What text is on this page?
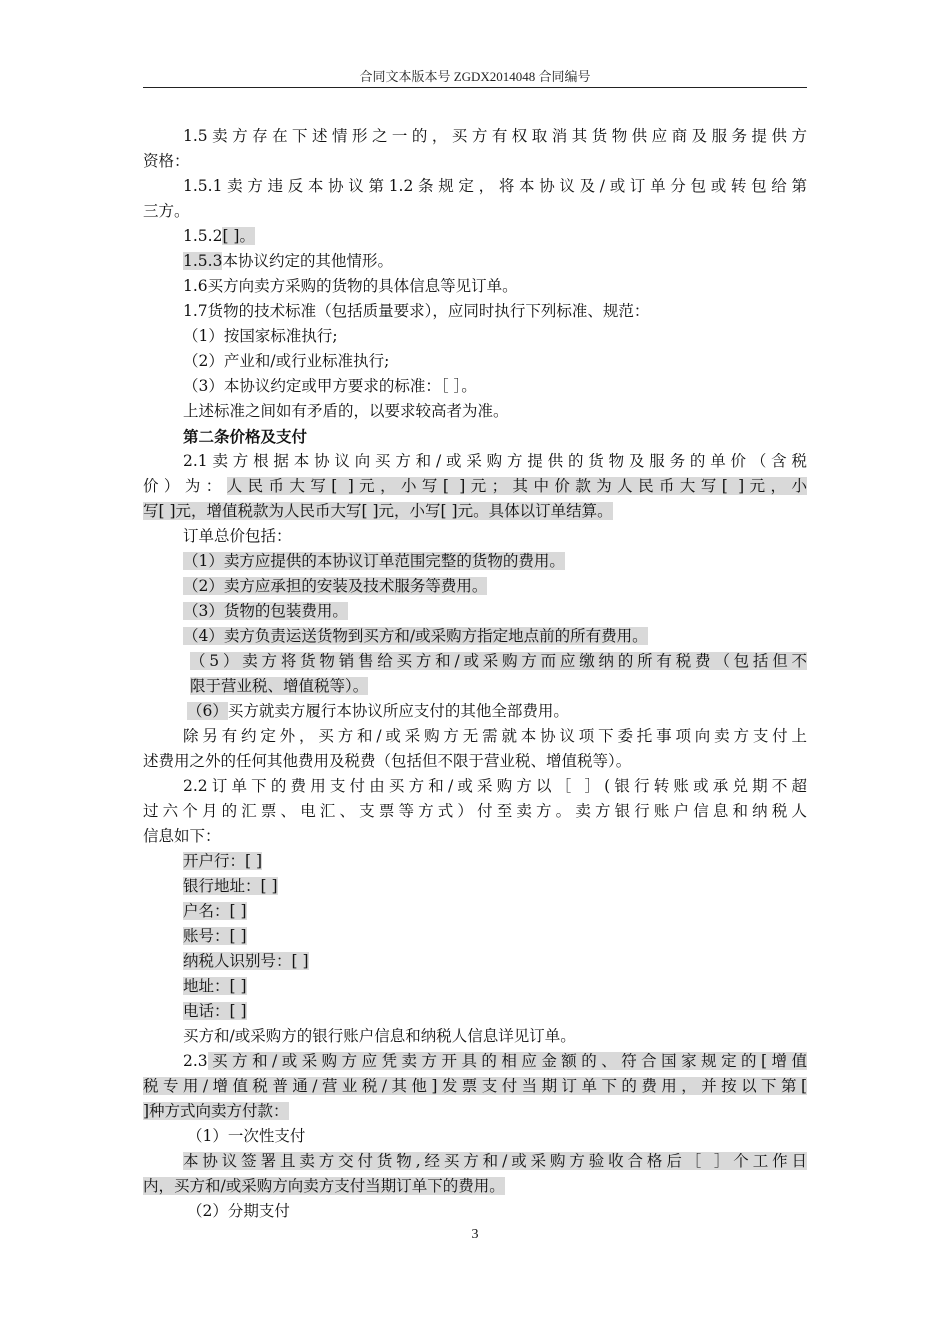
合同文本版本号 ZGDX2014048 合同编号
1.5卖方存在下述情形之一的，买方有权取消其货物供应商及服务提供方
资格：
1.5.1卖方违反本协议第1.2条规定，将本协议及/或订单分包或转包给第
三方。
1.5.2[ ]。
1.5.3本协议约定的其他情形。
1.6买方向卖方采购的货物的具体信息等见订单。
1.7货物的技术标准（包括质量要求），应同时执行下列标准、规范：
（1）按国家标准执行;
（2）产业和/或行业标准执行;
（3）本协议约定或甲方要求的标准：［ ］。
上述标准之间如有矛盾的，以要求较高者为准。
第二条价格及支付
2.1卖方根据本协议向买方和/或采购方提供的货物及服务的单价（含税
价）为：人民币大写[ ]元，小写[ ]元；其中价款为人民币大写[ ]元，小
写[ ]元，增值税款为人民币大写[ ]元，小写[ ]元。具体以订单结算。
订单总价包括：
（1）卖方应提供的本协议订单范围完整的货物的费用。
（2）卖方应承担的安装及技术服务等费用。
（3）货物的包装费用。
（4）卖方负责运送货物到买方和/或采购方指定地点前的所有费用。
（5）卖方将货物销售给买方和/或采购方而应缴纳的所有税费（包括但不
限于营业税、增值税等）。
（6）买方就卖方履行本协议所应支付的其他全部费用。
除另有约定外，买方和/或采购方无需就本协议项下委托事项向卖方支付上
述费用之外的任何其他费用及税费（包括但不限于营业税、增值税等）。
2.2订单下的费用支付由买方和/或采购方以［ ］(银行转账或承兑期不超
过六个月的汇票、电汇、支票等方式）付至卖方。卖方银行账户信息和纳税人
信息如下：
开户行：[ ]
银行地址：[ ]
户名：[ ]
账号：[ ]
纳税人识别号：[ ]
地址：[ ]
电话：[ ]
买方和/或采购方的银行账户信息和纳税人信息详见订单。
2.3买方和/或采购方应凭卖方开具的相应金额的、符合国家规定的[增值
税专用/增值税普通/营业税/其他]发票支付当期订单下的费用，并按以下第[
]种方式向卖方付款：
（1）一次性支付
本协议签署且卖方交付货物,经买方和/或采购方验收合格后［ ］个工作日
内，买方和/或采购方向卖方支付当期订单下的费用。
（2）分期支付
3
